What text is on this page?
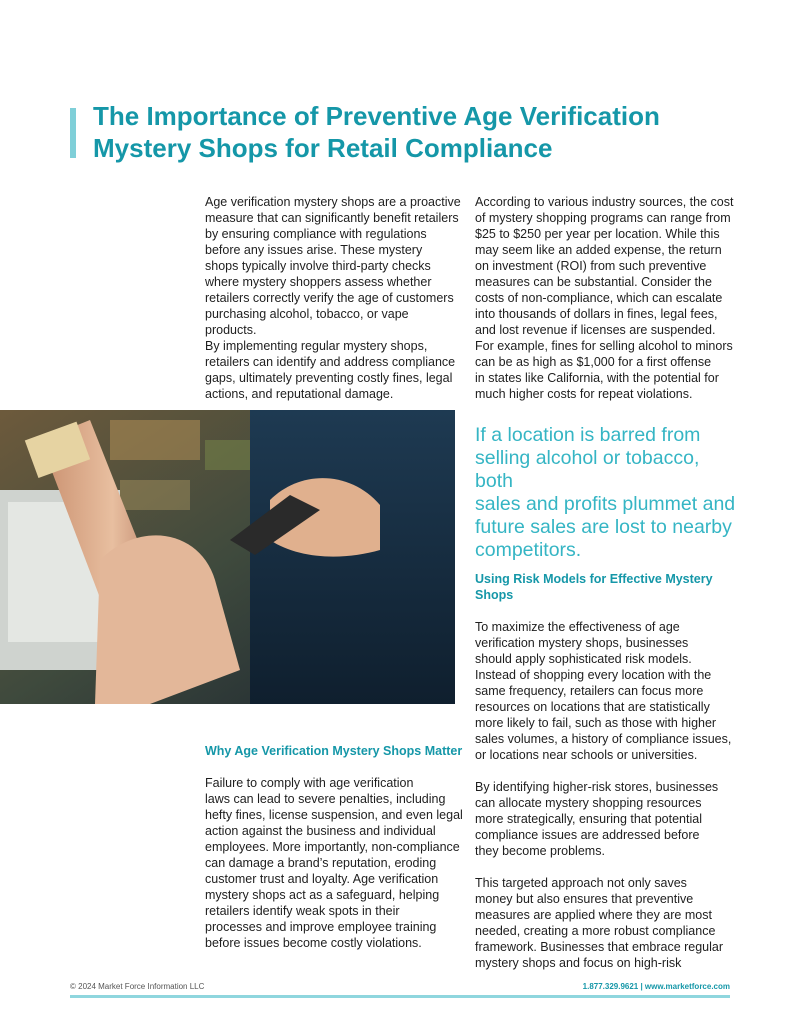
The Importance of Preventive Age Verification
Mystery Shops for Retail Compliance

Age verification mystery shops are a proactive
measure that can significantly benefit retailers
by ensuring compliance with regulations
before any issues arise. These mystery
shops typically involve third-party checks
where mystery shoppers assess whether
retailers correctly verify the age of customers
purchasing alcohol, tobacco, or vape products.
By implementing regular mystery shops,
retailers can identify and address compliance
gaps, ultimately preventing costly fines, legal
actions, and reputational damage.

According to various industry sources, the cost
of mystery shopping programs can range from
$25 to $250 per year per location. While this
may seem like an added expense, the return
on investment (ROI) from such preventive
measures can be substantial. Consider the
costs of non-compliance, which can escalate
into thousands of dollars in fines, legal fees,
and lost revenue if licenses are suspended.
For example, fines for selling alcohol to minors
can be as high as $1,000 for a first offense
in states like California, with the potential for
much higher costs for repeat violations.

If a location is barred from
selling alcohol or tobacco, both
sales and profits plummet and
future sales are lost to nearby
competitors.

Using Risk Models for Effective Mystery Shops

To maximize the effectiveness of age
verification mystery shops, businesses
should apply sophisticated risk models.
Instead of shopping every location with the
same frequency, retailers can focus more
resources on locations that are statistically
more likely to fail, such as those with higher
sales volumes, a history of compliance issues,
or locations near schools or universities.

By identifying higher-risk stores, businesses
can allocate mystery shopping resources
more strategically, ensuring that potential
compliance issues are addressed before
they become problems.

This targeted approach not only saves
money but also ensures that preventive
measures are applied where they are most
needed, creating a more robust compliance
framework. Businesses that embrace regular
mystery shops and focus on high-risk

Why Age Verification Mystery Shops Matter

Failure to comply with age verification
laws can lead to severe penalties, including
hefty fines, license suspension, and even legal
action against the business and individual
employees. More importantly, non-compliance
can damage a brand’s reputation, eroding
customer trust and loyalty. Age verification
mystery shops act as a safeguard, helping
retailers identify weak spots in their
processes and improve employee training
before issues become costly violations.

© 2024 Market Force Information LLC	1.877.329.9621 | www.marketforce.com
